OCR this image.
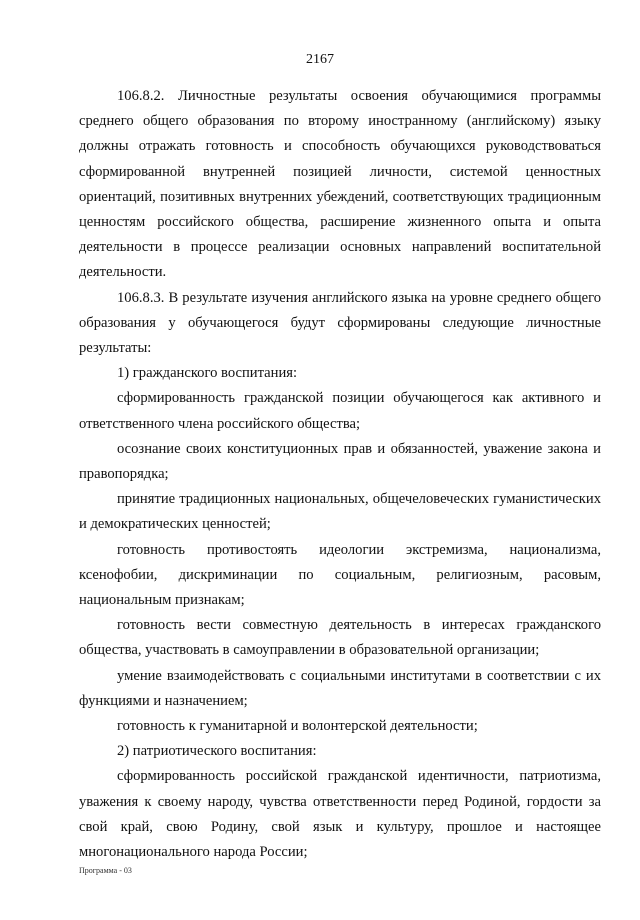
2167

106.8.2. Личностные результаты освоения обучающимися программы среднего общего образования по второму иностранному (английскому) языку должны отражать готовность и способность обучающихся руководствоваться сформированной внутренней позицией личности, системой ценностных ориентаций, позитивных внутренних убеждений, соответствующих традиционным ценностям российского общества, расширение жизненного опыта и опыта деятельности в процессе реализации основных направлений воспитательной деятельности.

106.8.3. В результате изучения английского языка на уровне среднего общего образования у обучающегося будут сформированы следующие личностные результаты:

1) гражданского воспитания:

сформированность гражданской позиции обучающегося как активного и ответственного члена российского общества;

осознание своих конституционных прав и обязанностей, уважение закона и правопорядка;

принятие традиционных национальных, общечеловеческих гуманистических и демократических ценностей;

готовность противостоять идеологии экстремизма, национализма, ксенофобии, дискриминации по социальным, религиозным, расовым, национальным признакам;

готовность вести совместную деятельность в интересах гражданского общества, участвовать в самоуправлении в образовательной организации;

умение взаимодействовать с социальными институтами в соответствии с их функциями и назначением;

готовность к гуманитарной и волонтерской деятельности;

2) патриотического воспитания:

сформированность российской гражданской идентичности, патриотизма, уважения к своему народу, чувства ответственности перед Родиной, гордости за свой край, свою Родину, свой язык и культуру, прошлое и настоящее многонационального народа России;

Программа - 03
